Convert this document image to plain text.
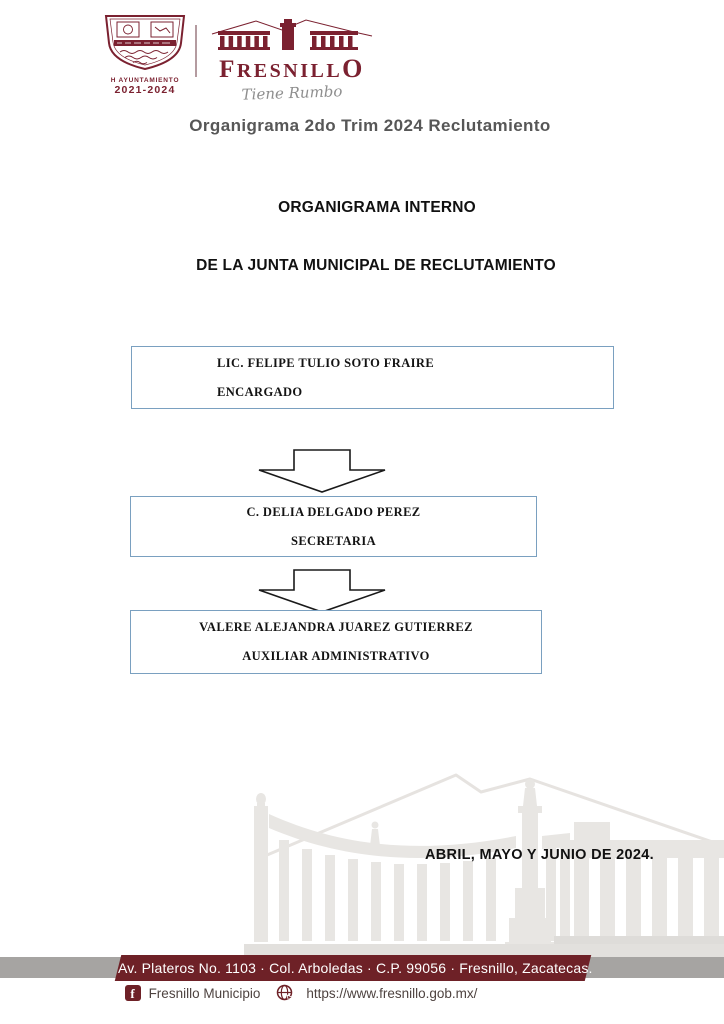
H AYUNTAMIENTO
2021-2024
FRESNILLO
Tiene Rumbo
Organigrama 2do Trim 2024 Reclutamiento
ORGANIGRAMA INTERNO
DE LA JUNTA MUNICIPAL DE RECLUTAMIENTO
LIC. FELIPE TULIO SOTO FRAIRE
ENCARGADO
C. DELIA DELGADO PEREZ
SECRETARIA
VALERE ALEJANDRA JUAREZ GUTIERREZ
AUXILIAR ADMINISTRATIVO
ABRIL, MAYO Y JUNIO DE 2024.
Av. Plateros No. 1103 · Col. Arboledas · C.P. 99056 · Fresnillo, Zacatecas.
f	Fresnillo Municipio	https://www.fresnillo.gob.mx/
